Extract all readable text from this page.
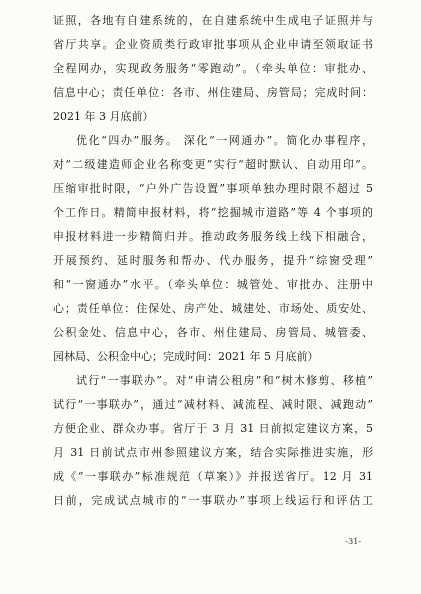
证照，各地有自建系统的，在自建系统中生成电子证照并与
省厅共享。企业资质类行政审批事项从企业申请至领取证书
全程网办，实现政务服务“零跑动”。（牵头单位：审批办、
信息中心；责任单位：各市、州住建局、房管局；完成时间：
2021 年 3 月底前）
优化“四办”服务。 深化“一网通办”。简化办事程序，
对“二级建造师企业名称变更”实行“超时默认、自动用印”。
压缩审批时限，“户外广告设置”事项单独办理时限不超过 5
个工作日。精简申报材料，将“挖掘城市道路”等 4 个事项的
申报材料进一步精简归并。推动政务服务线上线下相融合，
开展预约、延时服务和帮办、代办服务，提升“综窗受理”
和“一窗通办”水平。（牵头单位：城管处、审批办、注册中
心；责任单位：住保处、房产处、城建处、市场处、质安处、
公积金处、信息中心，各市、州住建局、房管局、城管委、
园林局、公积金中心；完成时间：2021 年 5 月底前）
试行“一事联办”。对“申请公租房”和“树木修剪、移植”
试行“一事联办”，通过“减材料、减流程、减时限、减跑动”
方便企业、群众办事。省厅于 3 月 31 日前拟定建议方案，5
月 31 日前试点市州参照建议方案，结合实际推进实施，形
成《“一事联办”标准规范（草案）》并报送省厅。12 月 31
日前，完成试点城市的“一事联办”事项上线运行和评估工
-31-
